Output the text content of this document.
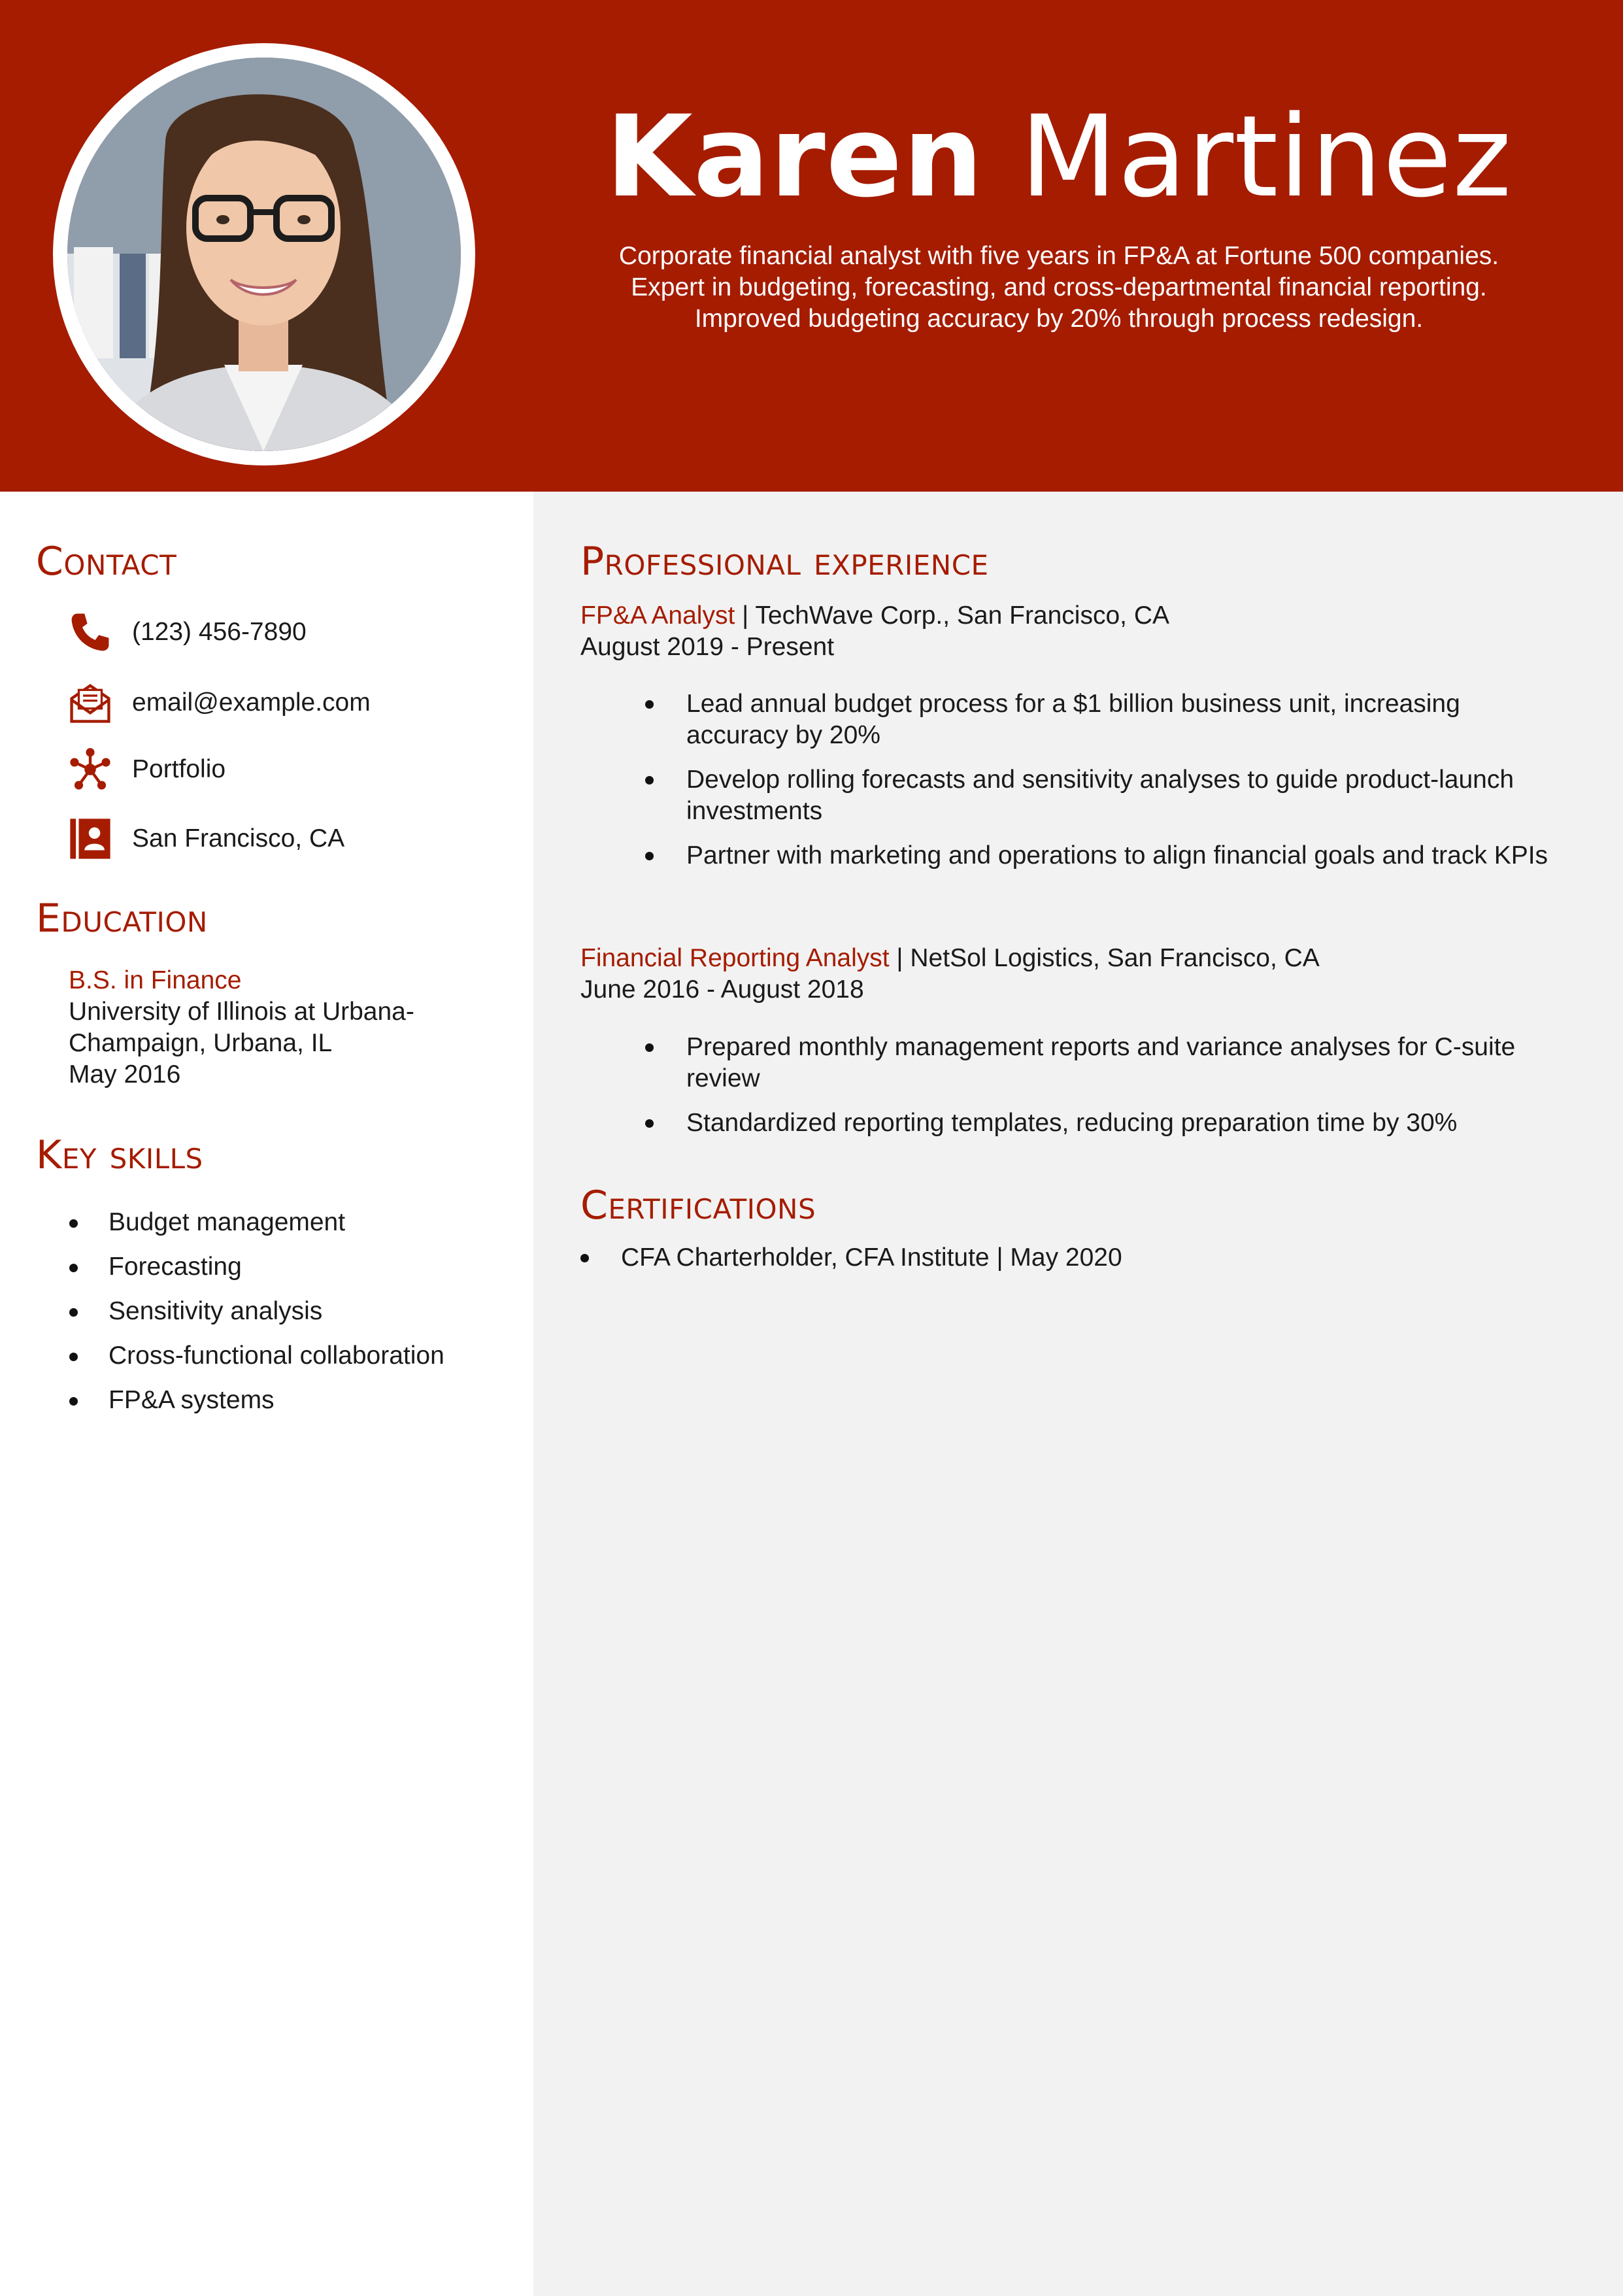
Karen Martinez
Corporate financial analyst with five years in FP&A at Fortune 500 companies.
Expert in budgeting, forecasting, and cross-departmental financial reporting.
Improved budgeting accuracy by 20% through process redesign.
Contact
(123) 456-7890
email@example.com
Portfolio
San Francisco, CA
Education
B.S. in Finance
University of Illinois at Urbana-
Champaign, Urbana, IL
May 2016
Key skills
Budget management
Forecasting
Sensitivity analysis
Cross-functional collaboration
FP&A systems
Professional experience
FP&A Analyst | TechWave Corp., San Francisco, CA
August 2019 - Present
Lead annual budget process for a $1 billion business unit, increasing accuracy by 20%
Develop rolling forecasts and sensitivity analyses to guide product-launch investments
Partner with marketing and operations to align financial goals and track KPIs
Financial Reporting Analyst | NetSol Logistics, San Francisco, CA
June 2016 - August 2018
Prepared monthly management reports and variance analyses for C-suite review
Standardized reporting templates, reducing preparation time by 30%
Certifications
CFA Charterholder, CFA Institute | May 2020
